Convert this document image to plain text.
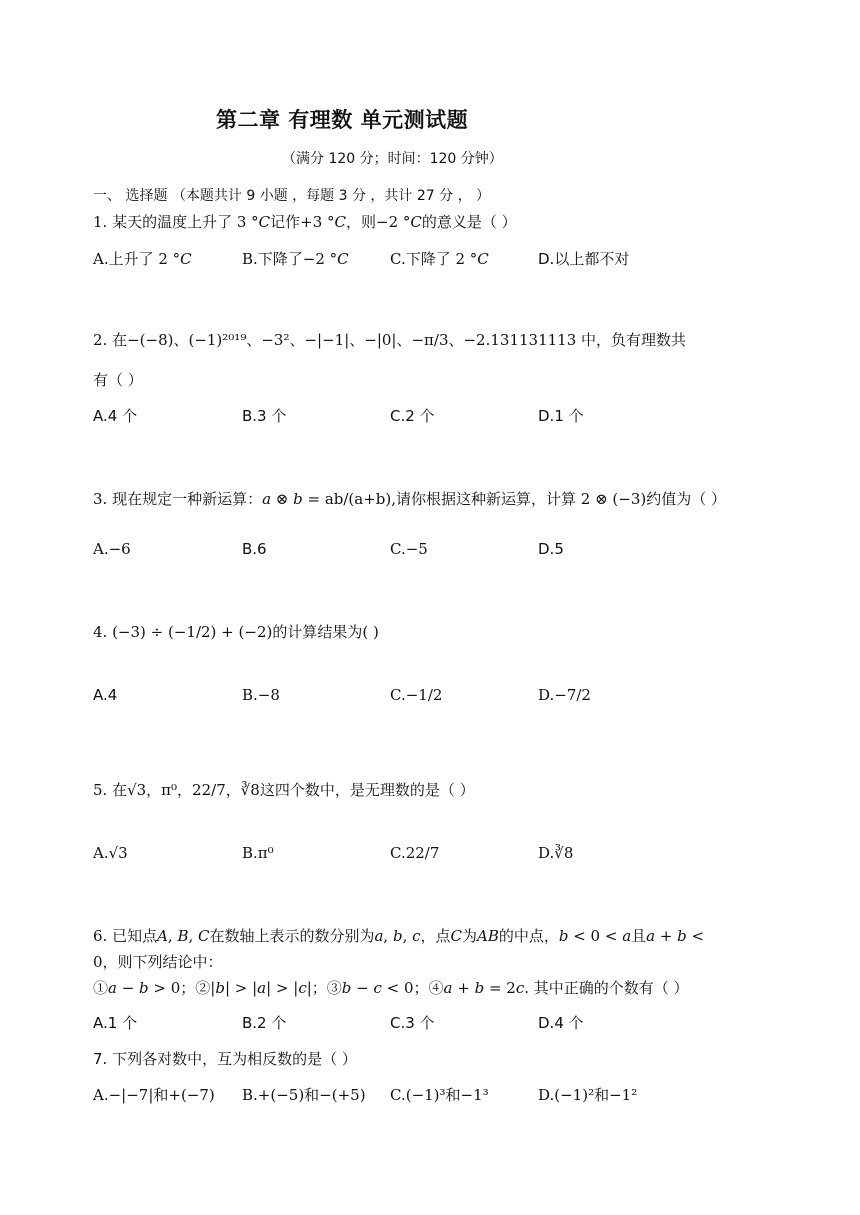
第二章 有理数 单元测试题
（满分 120 分；时间：120 分钟）
一、 选择题 （本题共计 9 小题 ，每题 3 分 ，共计 27 分 ， ）
1. 某天的温度上升了 3 °𝐶记作+3 °𝐶，则−2 °𝐶的意义是（ ）
A.上升了 2 °𝐶	B.下降了−2 °𝐶	C.下降了 2 °𝐶	D.以上都不对
2. 在−(−8)、(−1)²⁰¹⁹、−3²、−|−1|、−|0|、−π/3、−2.131131113 中，负有理数共
有（ ）
A.4 个	B.3 个	C.2 个	D.1 个
3. 现在规定一种新运算：𝑎 ⊗ 𝑏 = ab/(a+b),请你根据这种新运算，计算 2 ⊗ (−3)约值为（ ）
A.−6	B.6	C.−5	D.5
4. (−3) ÷ (−1/2) + (−2)的计算结果为( )
A.4	B.−8	C.−1/2	D.−7/2
5. 在√3，π⁰，22/7，∛8这四个数中，是无理数的是（ ）
A.√3	B.π⁰	C.22/7	D.∛8
6. 已知点𝐴, 𝐵, 𝐶在数轴上表示的数分别为𝑎, 𝑏, 𝑐，点𝐶为𝐴𝐵的中点，𝑏 < 0 < 𝑎且𝑎 + 𝑏 <
0，则下列结论中：
①𝑎 − 𝑏 > 0；②|𝑏| > |𝑎| > |𝑐|；③𝑏 − 𝑐 < 0；④𝑎 + 𝑏 = 2𝑐. 其中正确的个数有（ ）
A.1 个	B.2 个	C.3 个	D.4 个
7. 下列各对数中，互为相反数的是（ ）
A.−|−7|和+(−7) B.+(−5)和−(+5) C.(−1)³和−1³	D.(−1)²和−1²
